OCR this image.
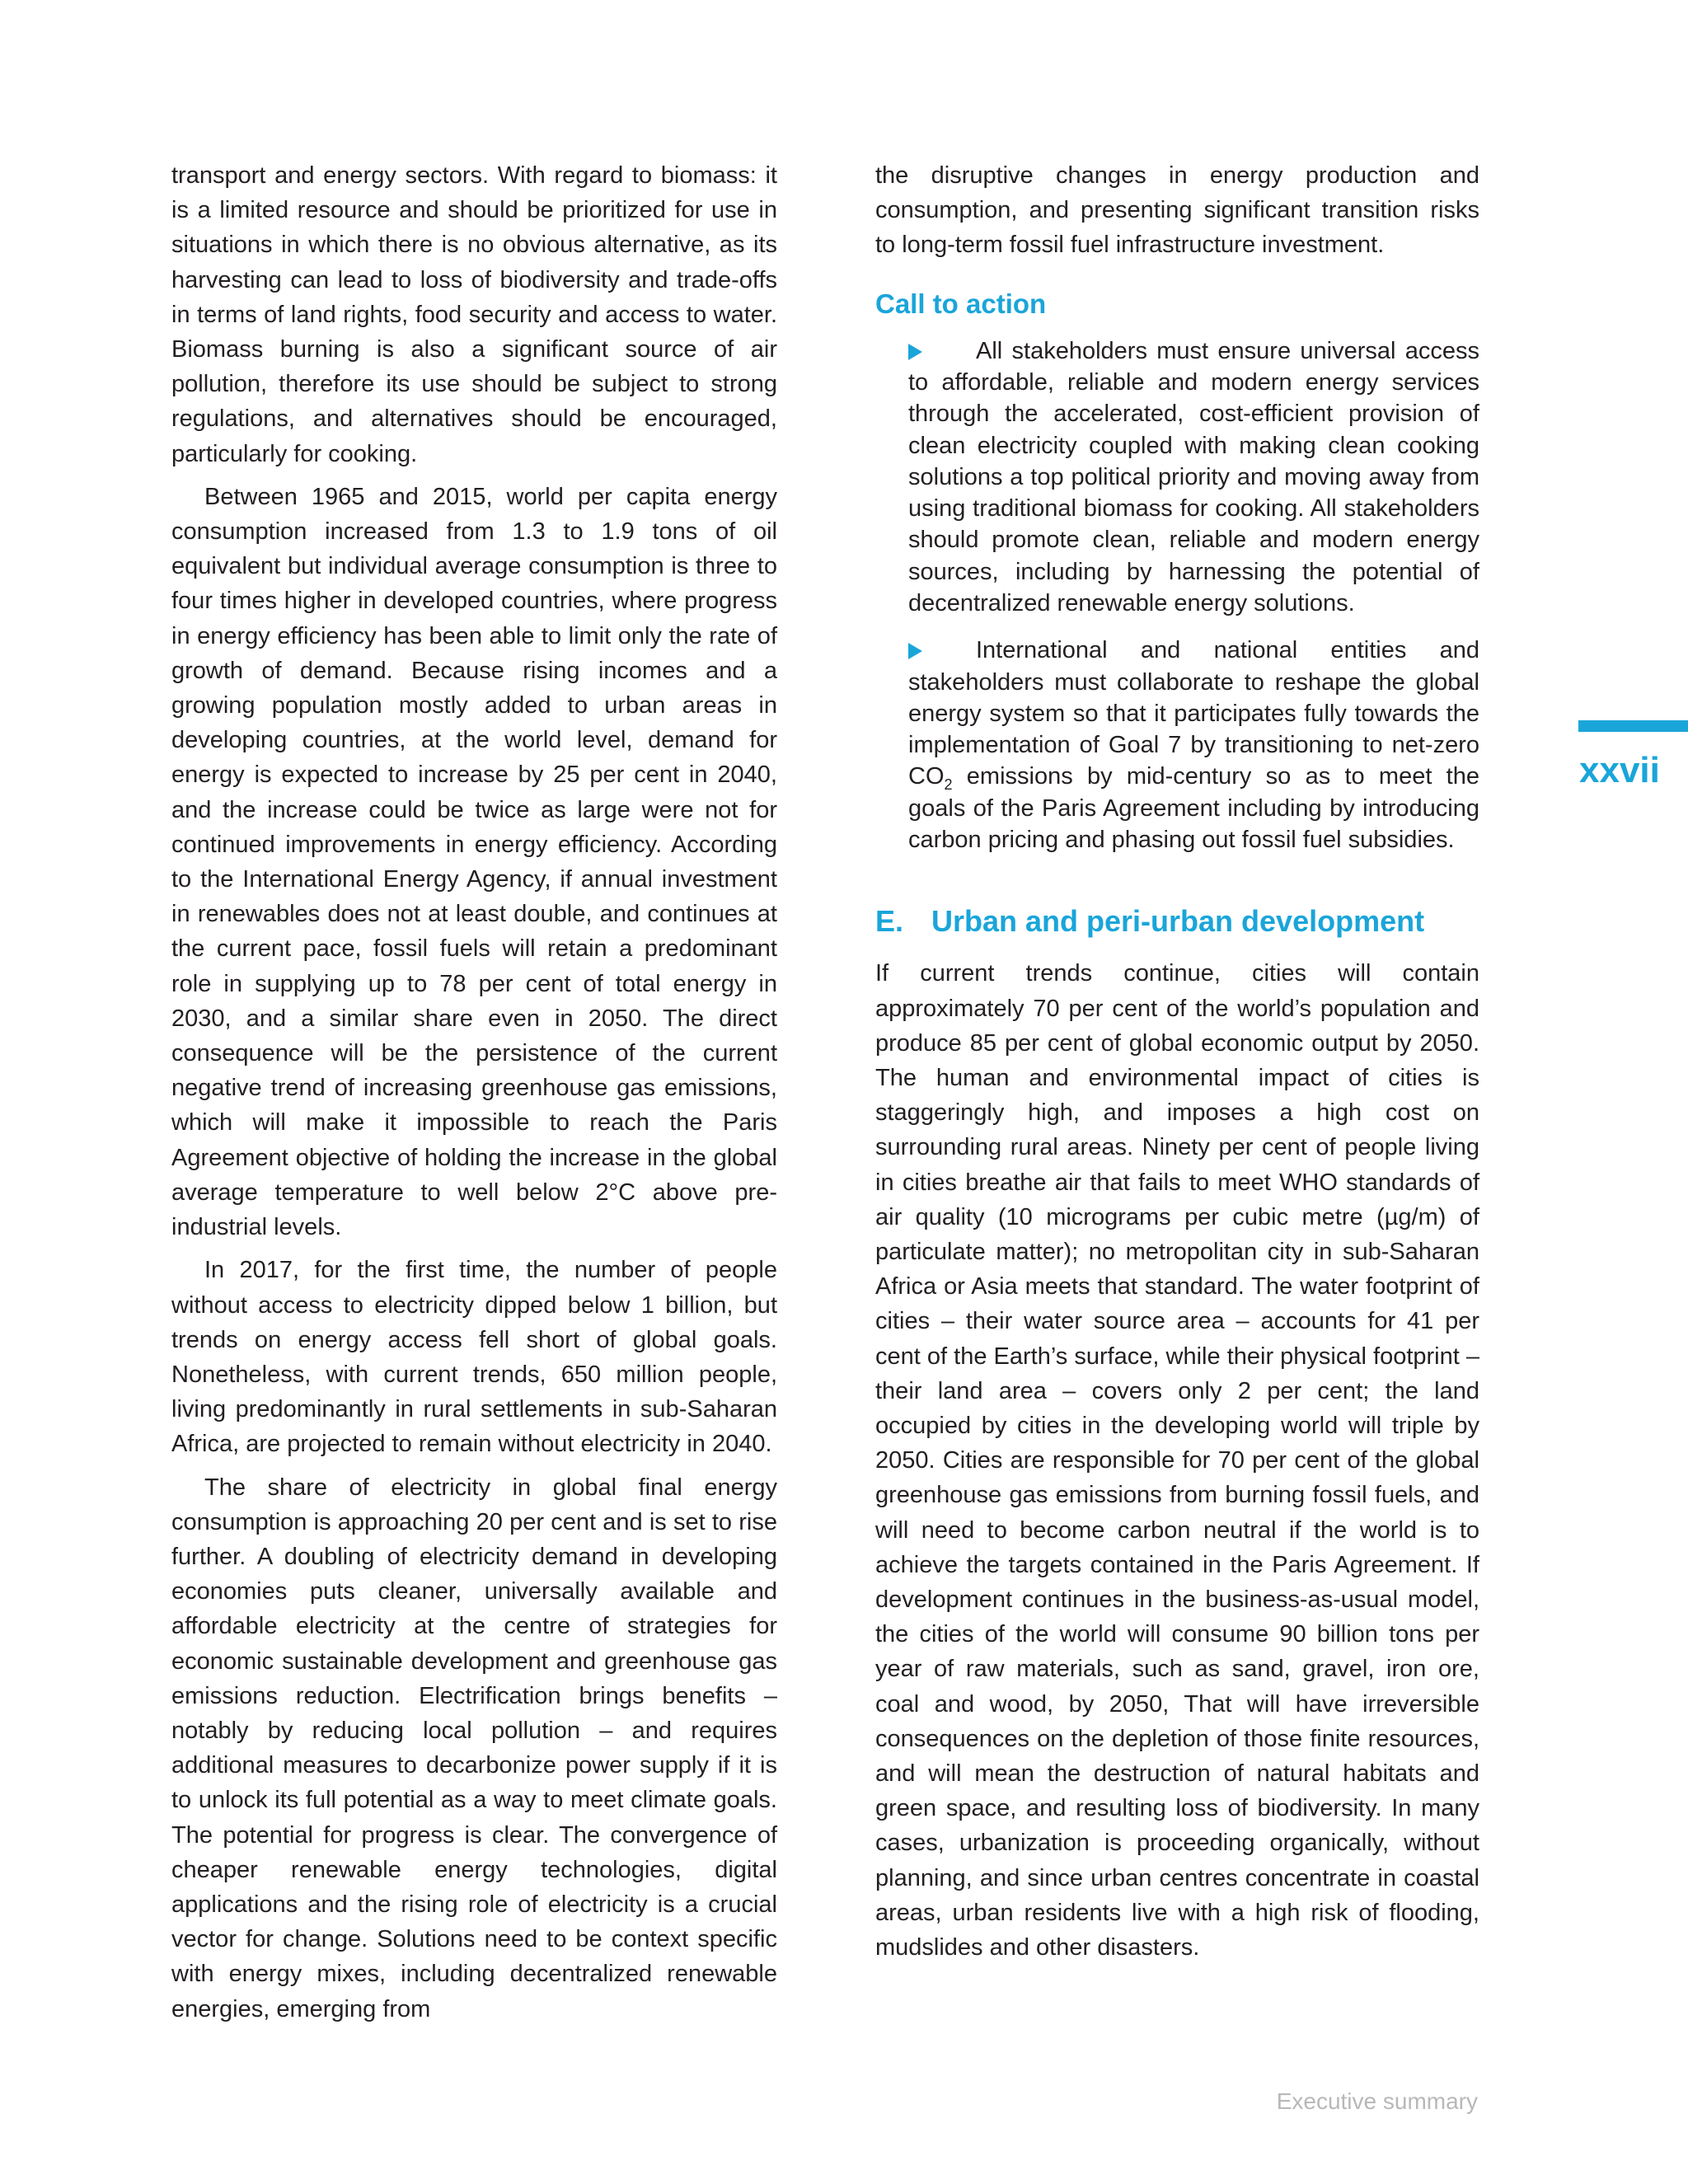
transport and energy sectors. With regard to biomass: it is a limited resource and should be prioritized for use in situations in which there is no obvious alternative, as its harvesting can lead to loss of biodiversity and trade-offs in terms of land rights, food security and access to water. Biomass burning is also a significant source of air pollution, therefore its use should be subject to strong regulations, and alternatives should be encouraged, particularly for cooking.

Between 1965 and 2015, world per capita energy consumption increased from 1.3 to 1.9 tons of oil equivalent but individual average consumption is three to four times higher in developed countries, where progress in energy efficiency has been able to limit only the rate of growth of demand. Because rising incomes and a growing population mostly added to urban areas in developing countries, at the world level, demand for energy is expected to increase by 25 per cent in 2040, and the increase could be twice as large were not for continued improvements in energy efficiency. According to the International Energy Agency, if annual investment in renewables does not at least double, and continues at the current pace, fossil fuels will retain a predominant role in supplying up to 78 per cent of total energy in 2030, and a similar share even in 2050. The direct consequence will be the persistence of the current negative trend of increasing greenhouse gas emissions, which will make it impossible to reach the Paris Agreement objective of holding the increase in the global average temperature to well below 2°C above pre-industrial levels.

In 2017, for the first time, the number of people without access to electricity dipped below 1 billion, but trends on energy access fell short of global goals. Nonetheless, with current trends, 650 million people, living predominantly in rural settlements in sub-Saharan Africa, are projected to remain without electricity in 2040.

The share of electricity in global final energy consumption is approaching 20 per cent and is set to rise further. A doubling of electricity demand in developing economies puts cleaner, universally available and affordable electricity at the centre of strategies for economic sustainable development and greenhouse gas emissions reduction. Electrification brings benefits – notably by reducing local pollution – and requires additional measures to decarbonize power supply if it is to unlock its full potential as a way to meet climate goals. The potential for progress is clear. The convergence of cheaper renewable energy technologies, digital applications and the rising role of electricity is a crucial vector for change. Solutions need to be context specific with energy mixes, including decentralized renewable energies, emerging from

the disruptive changes in energy production and consumption, and presenting significant transition risks to long-term fossil fuel infrastructure investment.

Call to action
All stakeholders must ensure universal access to affordable, reliable and modern energy services through the accelerated, cost-efficient provision of clean electricity coupled with making clean cooking solutions a top political priority and moving away from using traditional biomass for cooking. All stakeholders should promote clean, reliable and modern energy sources, including by harnessing the potential of decentralized renewable energy solutions.
International and national entities and stakeholders must collaborate to reshape the global energy system so that it participates fully towards the implementation of Goal 7 by transitioning to net-zero $CO_2$ emissions by mid-century so as to meet the goals of the Paris Agreement including by introducing carbon pricing and phasing out fossil fuel subsidies.
E. Urban and peri-urban development

If current trends continue, cities will contain approximately 70 per cent of the world’s population and produce 85 per cent of global economic output by 2050. The human and environmental impact of cities is staggeringly high, and imposes a high cost on surrounding rural areas. Ninety per cent of people living in cities breathe air that fails to meet WHO standards of air quality (10 micrograms per cubic metre (µg/m) of particulate matter); no metropolitan city in sub-Saharan Africa or Asia meets that standard. The water footprint of cities – their water source area – accounts for 41 per cent of the Earth’s surface, while their physical footprint – their land area – covers only 2 per cent; the land occupied by cities in the developing world will triple by 2050. Cities are responsible for 70 per cent of the global greenhouse gas emissions from burning fossil fuels, and will need to become carbon neutral if the world is to achieve the targets contained in the Paris Agreement. If development continues in the business-as-usual model, the cities of the world will consume 90 billion tons per year of raw materials, such as sand, gravel, iron ore, coal and wood, by 2050, That will have irreversible consequences on the depletion of those finite resources, and will mean the destruction of natural habitats and green space, and resulting loss of biodiversity. In many cases, urbanization is proceeding organically, without planning, and since urban centres concentrate in coastal areas, urban residents live with a high risk of flooding, mudslides and other disasters.

xxvii
Executive summary
